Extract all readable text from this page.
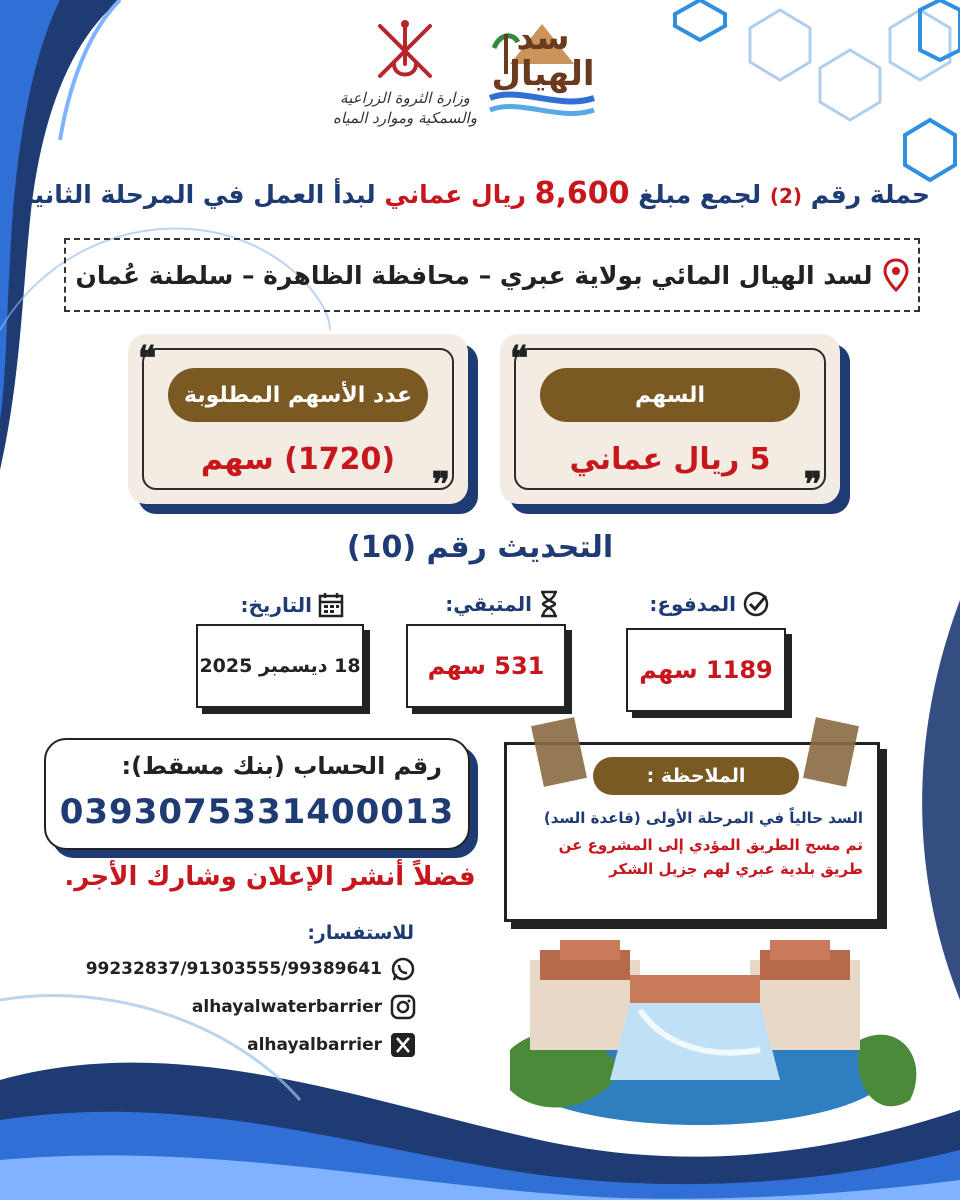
وزارة الثروة الزراعية
والسمكية وموارد المياه
سد
الهيال
حملة رقم (2) لجمع مبلغ 8,600 ريال عماني لبدأ العمل في المرحلة الثانية
لسد الهيال المائي بولاية عبري – محافظة الظاهرة – سلطنة عُمان
❝
❞
السهم
5 ريال عماني
❝
❞
عدد الأسهم المطلوبة
(1720) سهم
التحديث رقم (10)
المدفوع:
1189 سهم
المتبقي:
531 سهم
التاريخ:
18 ديسمبر 2025
رقم الحساب (بنك مسقط):
0393075331400013
فضلاً أنشر الإعلان وشارك الأجر.
الملاحظة :
السد حالياً في المرحلة الأولى (قاعدة السد)
تم مسح الطريق المؤدي إلى المشروع عن طريق بلدية عبري لهم جزيل الشكر
للاستفسار:
99232837/91303555/99389641
alhayalwaterbarrier
alhayalbarrier
